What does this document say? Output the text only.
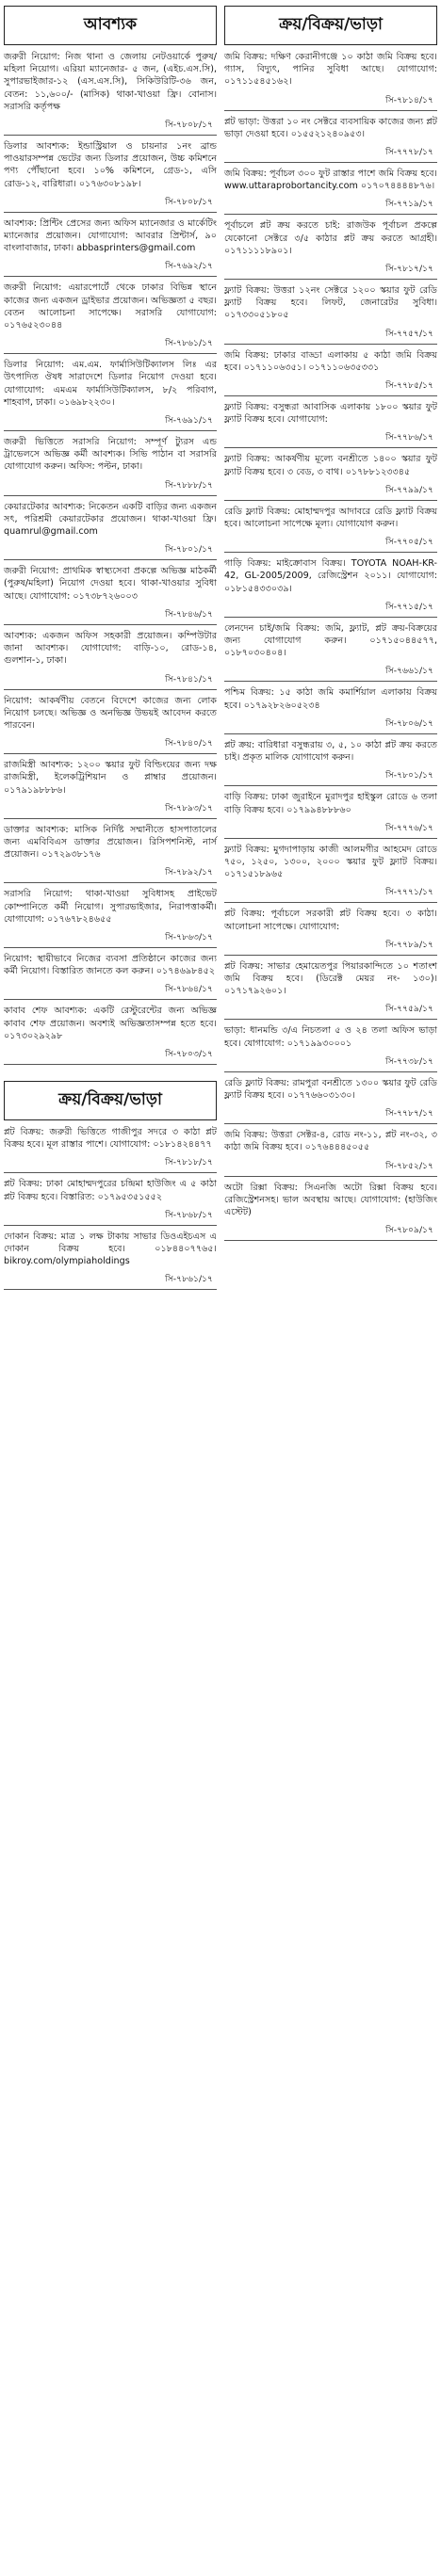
আবশ্যক
জরুরী নিয়োগ: নিজ থানা ও জেলায় নেটওয়ার্কে পুরুষ/মহিলা নিয়োগ। এরিয়া ম্যানেজার- ৫ জন, (এইচ.এস.সি), সুপারভাইজার-১২ (এস.এস.সি), সিকিউরিটি-৩৬ জন, বেতন: ১১,৬০০/- (মাসিক) থাকা-খাওয়া ফ্রি। বোনাস। সরাসরি কর্তৃপক্ষ
সি-৭৮০৮/১৭
ডিলার আবশ্যক: ইন্ডাস্ট্রিয়াল ও চায়নার ১নং ব্রান্ড পাওয়ারসম্পন্ন ভেটের জন্য ডিলার প্রয়োজন, উচ্চ কমিশনে পণ্য পৌঁছানো হবে। ১০% কমিশনে, গ্রেড-১, এসি রোড-১২, বারিধারা। ০১৭৬৩০৮১৯৮।
সি-৭৮০৮/১৭
আবশ্যক: প্রিন্টিং প্রেসের জন্য অফিস ম্যানেজার ও মার্কেটিং ম্যানেজার প্রয়োজন। যোগাযোগ: আবরার প্রিন্টার্স, ৯০ বাংলাবাজার, ঢাকা। abbasprinters@gmail.com
সি-৭৬৯২/১৭
জরুরী নিয়োগ: এয়ারপোর্টে থেকে ঢাকার বিভিন্ন স্থানে কাজের জন্য একজন ড্রাইভার প্রয়োজন। অভিজ্ঞতা ৫ বছর। বেতন আলোচনা সাপেক্ষে। সরাসরি যোগাযোগ: ০১৭৬৫২৩০৪৪
সি-৭৮৬১/১৭
ডিলার নিয়োগ: এম.এম. ফার্মাসিউটিক্যালস লিঃ এর উৎপাদিত ঔষধ সারাদেশে ডিলার নিয়োগ দেওয়া হবে। যোগাযোগ: এমএম ফার্মাসিউটিক্যালস, ৮/২ পরিবাগ, শাহবাগ, ঢাকা। ০১৬৯৮২২৩০।
সি-৭৬৯১/১৭
জরুরী ভিত্তিতে সরাসরি নিয়োগ: সম্পূর্ণ ট্যুরস এন্ড ট্রাভেলসে অভিজ্ঞ কর্মী আবশ্যক। সিভি পাঠান বা সরাসরি যোগাযোগ করুন। অফিস: পল্টন, ঢাকা।
সি-৭৮৮৮/১৭
কেয়ারটেকার আবশ্যক: নিকেতন একটি বাড়ির জন্য একজন সৎ, পরিশ্রমী কেয়ারটেকার প্রয়োজন। থাকা-খাওয়া ফ্রি। quamrul@gmail.com
সি-৭৮০১/১৭
জরুরী নিয়োগ: প্রাথমিক স্বাস্থ্যসেবা প্রকল্পে অভিজ্ঞ মাঠকর্মী (পুরুষ/মহিলা) নিয়োগ দেওয়া হবে। থাকা-খাওয়ার সুবিধা আছে। যোগাযোগ: ০১৭৩৮৭২৬০০৩
সি-৭৮৪৬/১৭
আবশ্যক: একজন অফিস সহকারী প্রয়োজন। কম্পিউটার জানা আবশ্যক। যোগাযোগ: বাড়ি-১০, রোড-১৪, গুলশান-১, ঢাকা।
সি-৭৮৪১/১৭
নিয়োগ: আকর্ষণীয় বেতনে বিদেশে কাজের জন্য লোক নিয়োগ চলছে। অভিজ্ঞ ও অনভিজ্ঞ উভয়ই আবেদন করতে পারবেন।
সি-৭৮৪০/১৭
রাজমিস্ত্রী আবশ্যক: ১২০০ স্কয়ার ফুট বিল্ডিংয়ের জন্য দক্ষ রাজমিস্ত্রী, ইলেকট্রিশিয়ান ও প্লাম্বার প্রয়োজন। ০১৭৯১৯৮৮৮৬।
সি-৭৮৯৩/১৭
ডাক্তার আবশ্যক: মাসিক নির্দিষ্ট সম্মানীতে হাসপাতালের জন্য এমবিবিএস ডাক্তার প্রয়োজন। রিসিপশনিস্ট, নার্স প্রয়োজন। ০১৭২৯৩৮১৭৬
সি-৭৮৯২/১৭
সরাসরি নিয়োগ: থাকা-খাওয়া সুবিধাসহ প্রাইভেট কোম্পানিতে কর্মী নিয়োগ। সুপারভাইজার, নিরাপত্তাকর্মী। যোগাযোগ: ০১৭৬৭৮২৪৬৫৫
সি-৭৮৬৩/১৭
নিয়োগ: স্থায়ীভাবে নিজের ব্যবসা প্রতিষ্ঠানে কাজের জন্য কর্মী নিয়োগ। বিস্তারিত জানতে কল করুন। ০১৭৪৬৯৮৪৫২
সি-৭৮৬৪/১৭
কাবাব শেফ আবশ্যক: একটি রেস্টুরেন্টের জন্য অভিজ্ঞ কাবাব শেফ প্রয়োজন। অবশ্যই অভিজ্ঞতাসম্পন্ন হতে হবে। ০১৭৩০২৯২৯৮
সি-৭৮০৩/১৭
ক্রয়/বিক্রয়/ভাড়া
প্লট বিক্রয়: জরুরী ভিত্তিতে গাজীপুর সদরে ৩ কাঠা প্লট বিক্রয় হবে। মূল রাস্তার পাশে। যোগাযোগ: ০১৮১৪২৪৪৭৭
সি-৭৮১৮/১৭
প্লট বিক্রয়: ঢাকা মোহাম্মদপুরের চন্দ্রিমা হাউজিং এ ৫ কাঠা প্লট বিক্রয় হবে। বিস্তারিত: ০১৭৯৫৩৫১৫৫২
সি-৭৮৬৮/১৭
দোকান বিক্রয়: মাত্র ১ লক্ষ টাকায় সাভার ডিওএইচএস এ দোকান বিক্রয় হবে। ০১৮৪৪০৭৭৬৫। bikroy.com/olympiaholdings
সি-৭৮৬১/১৭
ক্রয়/বিক্রয়/ভাড়া
জমি বিক্রয়: দক্ষিণ কেরানীগঞ্জে ১০ কাঠা জমি বিক্রয় হবে। গ্যাস, বিদ্যুৎ, পানির সুবিধা আছে। যোগাযোগ: ০১৭১১৫৪৫১৬২।
সি-৭৮১৪/১৭
প্লট ভাড়া: উত্তরা ১০ নং সেক্টরে ব্যবসায়িক কাজের জন্য প্লট ভাড়া দেওয়া হবে। ০১৫৫২১২৪০৯৫৩।
সি-৭৭৭৮/১৭
জমি বিক্রয়: পূর্বাচল ৩০০ ফুট রাস্তার পাশে জমি বিক্রয় হবে। www.uttaraprobortancity.com ০১৭০৭৪৪৪৪৮৭৬।
সি-৭৭১৯/১৭
পূর্বাচলে প্লট ক্রয় করতে চাই: রাজউক পূর্বাচল প্রকল্পে যেকোনো সেক্টরে ৩/৫ কাঠার প্লট ক্রয় করতে আগ্রহী। ০১৭১১১১৮৯০১।
সি-৭৮১৭/১৭
ফ্ল্যাট বিক্রয়: উত্তরা ১২নং সেক্টরে ১২০০ স্কয়ার ফুট রেডি ফ্ল্যাট বিক্রয় হবে। লিফট, জেনারেটর সুবিধা। ০১৭৩৩০৫১৮০৫
সি-৭৭৫৭/১৭
জমি বিক্রয়: ঢাকার বাড্ডা এলাকায় ৫ কাঠা জমি বিক্রয় হবে। ০১৭১১০৬৩৫১। ০১৭১১০৬৩৫৩৩১
সি-৭৭৮৫/১৭
ফ্ল্যাট বিক্রয়: বসুন্ধরা আবাসিক এলাকায় ১৮০০ স্কয়ার ফুট ফ্ল্যাট বিক্রয় হবে। যোগাযোগ:
সি-৭৭৮৬/১৭
ফ্ল্যাট বিক্রয়: আকর্ষণীয় মূল্যে বনশ্রীতে ১৪০০ স্কয়ার ফুট ফ্ল্যাট বিক্রয় হবে। ৩ বেড, ৩ বাথ। ০১৭৮৮১২৩৩৪৫
সি-৭৭৯৯/১৭
রেডি ফ্ল্যাট বিক্রয়: মোহাম্মদপুর আদাবরে রেডি ফ্ল্যাট বিক্রয় হবে। আলোচনা সাপেক্ষে মূল্য। যোগাযোগ করুন।
সি-৭৭০৫/১৭
গাড়ি বিক্রয়: মাইক্রোবাস বিক্রয়। TOYOTA NOAH-KR-42, GL-2005/2009, রেজিস্ট্রেশন ২০১১। যোগাযোগ: ০১৮১৫৪৩৩০৩৯।
সি-৭৭১৫/১৭
লেনদেন চাই/জমি বিক্রয়: জমি, ফ্ল্যাট, প্লট ক্রয়-বিক্রয়ের জন্য যোগাযোগ করুন। ০১৭১৫০৪৪৫৭৭, ০১৮৭০৩০৪০৪।
সি-৭৬৬১/১৭
পশ্চিম বিক্রয়: ১৫ কাঠা জমি কমার্শিয়াল এলাকায় বিক্রয় হবে। ০১৭৯২৮২৬০৫২৩৪
সি-৭৮০৬/১৭
প্লট ক্রয়: বারিধারা বসুন্ধরায় ৩, ৫, ১০ কাঠা প্লট ক্রয় করতে চাই। প্রকৃত মালিক যোগাযোগ করুন।
সি-৭৮০১/১৭
বাড়ি বিক্রয়: ঢাকা জুরাইনে মুরাদপুর হাইস্কুল রোডে ৬ তলা বাড়ি বিক্রয় হবে। ০১৭৯৯৪৮৮৮৬০
সি-৭৭৭৬/১৭
ফ্ল্যাট বিক্রয়: মুগদাপাড়ায় কাজী আলমগীর আহমেদ রোডে ৭৫০, ১২৫০, ১৩০০, ২০০০ স্কয়ার ফুট ফ্ল্যাট বিক্রয়। ০১৭১৫১৮৯৬৫
সি-৭৭৭১/১৭
প্লট বিক্রয়: পূর্বাচলে সরকারী প্লট বিক্রয় হবে। ৩ কাঠা। আলোচনা সাপেক্ষে। যোগাযোগ:
সি-৭৭৮৯/১৭
প্লট বিক্রয়: সাভার হেমায়েতপুর পিয়ারকান্দিতে ১০ শতাংশ জমি বিক্রয় হবে। (ডিরেক্ট মেয়র নং- ১৩০)। ০১৭১৭৯২৬০১।
সি-৭৭৫৯/১৭
ভাড়া: ধানমন্ডি ৩/এ নিচতলা ৫ ও ২৪ তলা অফিস ভাড়া হবে। যোগাযোগ: ০১৭১৯৯৩০০০১
সি-৭৭৩৮/১৭
রেডি ফ্ল্যাট বিক্রয়: রামপুরা বনশ্রীতে ১৩০০ স্কয়ার ফুট রেডি ফ্ল্যাট বিক্রয় হবে। ০১৭৭৬৬০৩১৩০।
সি-৭৭৮৭/১৭
জমি বিক্রয়: উত্তরা সেক্টর-৪, রোড নং-১১, প্লট নং-৩২, ৩ কাঠা জমি বিক্রয় হবে। ০১৭৬৪৪৪৫০৫৫
সি-৭৮৫২/১৭
অটো রিক্সা বিক্রয়: সিএনজি অটো রিক্সা বিক্রয় হবে। রেজিস্ট্রেশনসহ। ভাল অবস্থায় আছে। যোগাযোগ: (হাউজিং এস্টেট)
সি-৭৮০৯/১৭
